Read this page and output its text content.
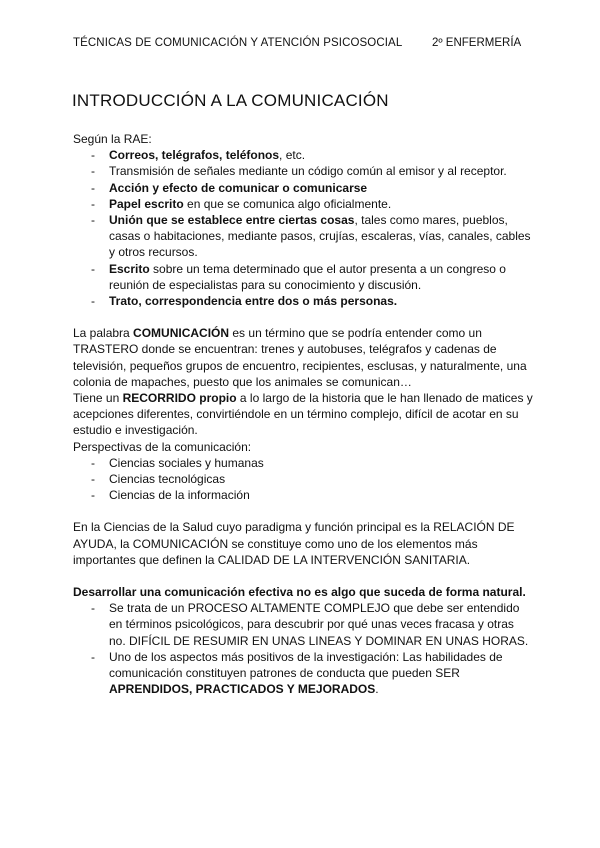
TÉCNICAS DE COMUNICACIÓN Y ATENCIÓN PSICOSOCIAL	2º ENFERMERÍA
INTRODUCCIÓN A LA COMUNICACIÓN

Según la RAE:

- Correos, telégrafos, teléfonos, etc.
- Transmisión de señales mediante un código común al emisor y al receptor.
- Acción y efecto de comunicar o comunicarse
- Papel escrito en que se comunica algo oficialmente.
- Unión que se establece entre ciertas cosas, tales como mares, pueblos, casas o habitaciones, mediante pasos, crujías, escaleras, vías, canales, cables y otros recursos.
- Escrito sobre un tema determinado que el autor presenta a un congreso o reunión de especialistas para su conocimiento y discusión.
- Trato, correspondencia entre dos o más personas.

La palabra COMUNICACIÓN es un término que se podría entender como un TRASTERO donde se encuentran: trenes y autobuses, telégrafos y cadenas de televisión, pequeños grupos de encuentro, recipientes, esclusas, y naturalmente, una colonia de mapaches, puesto que los animales se comunican…

Tiene un RECORRIDO propio a lo largo de la historia que le han llenado de matices y acepciones diferentes, convirtiéndole en un término complejo, difícil de acotar en su estudio e investigación.

Perspectivas de la comunicación:

- Ciencias sociales y humanas
- Ciencias tecnológicas
- Ciencias de la información

En la Ciencias de la Salud cuyo paradigma y función principal es la RELACIÓN DE AYUDA, la COMUNICACIÓN se constituye como uno de los elementos más importantes que definen la CALIDAD DE LA INTERVENCIÓN SANITARIA.

Desarrollar una comunicación efectiva no es algo que suceda de forma natural.

- Se trata de un PROCESO ALTAMENTE COMPLEJO que debe ser entendido en términos psicológicos, para descubrir por qué unas veces fracasa y otras no. DIFÍCIL DE RESUMIR EN UNAS LINEAS Y DOMINAR EN UNAS HORAS.
- Uno de los aspectos más positivos de la investigación: Las habilidades de comunicación constituyen patrones de conducta que pueden SER APRENDIDOS, PRACTICADOS Y MEJORADOS.
